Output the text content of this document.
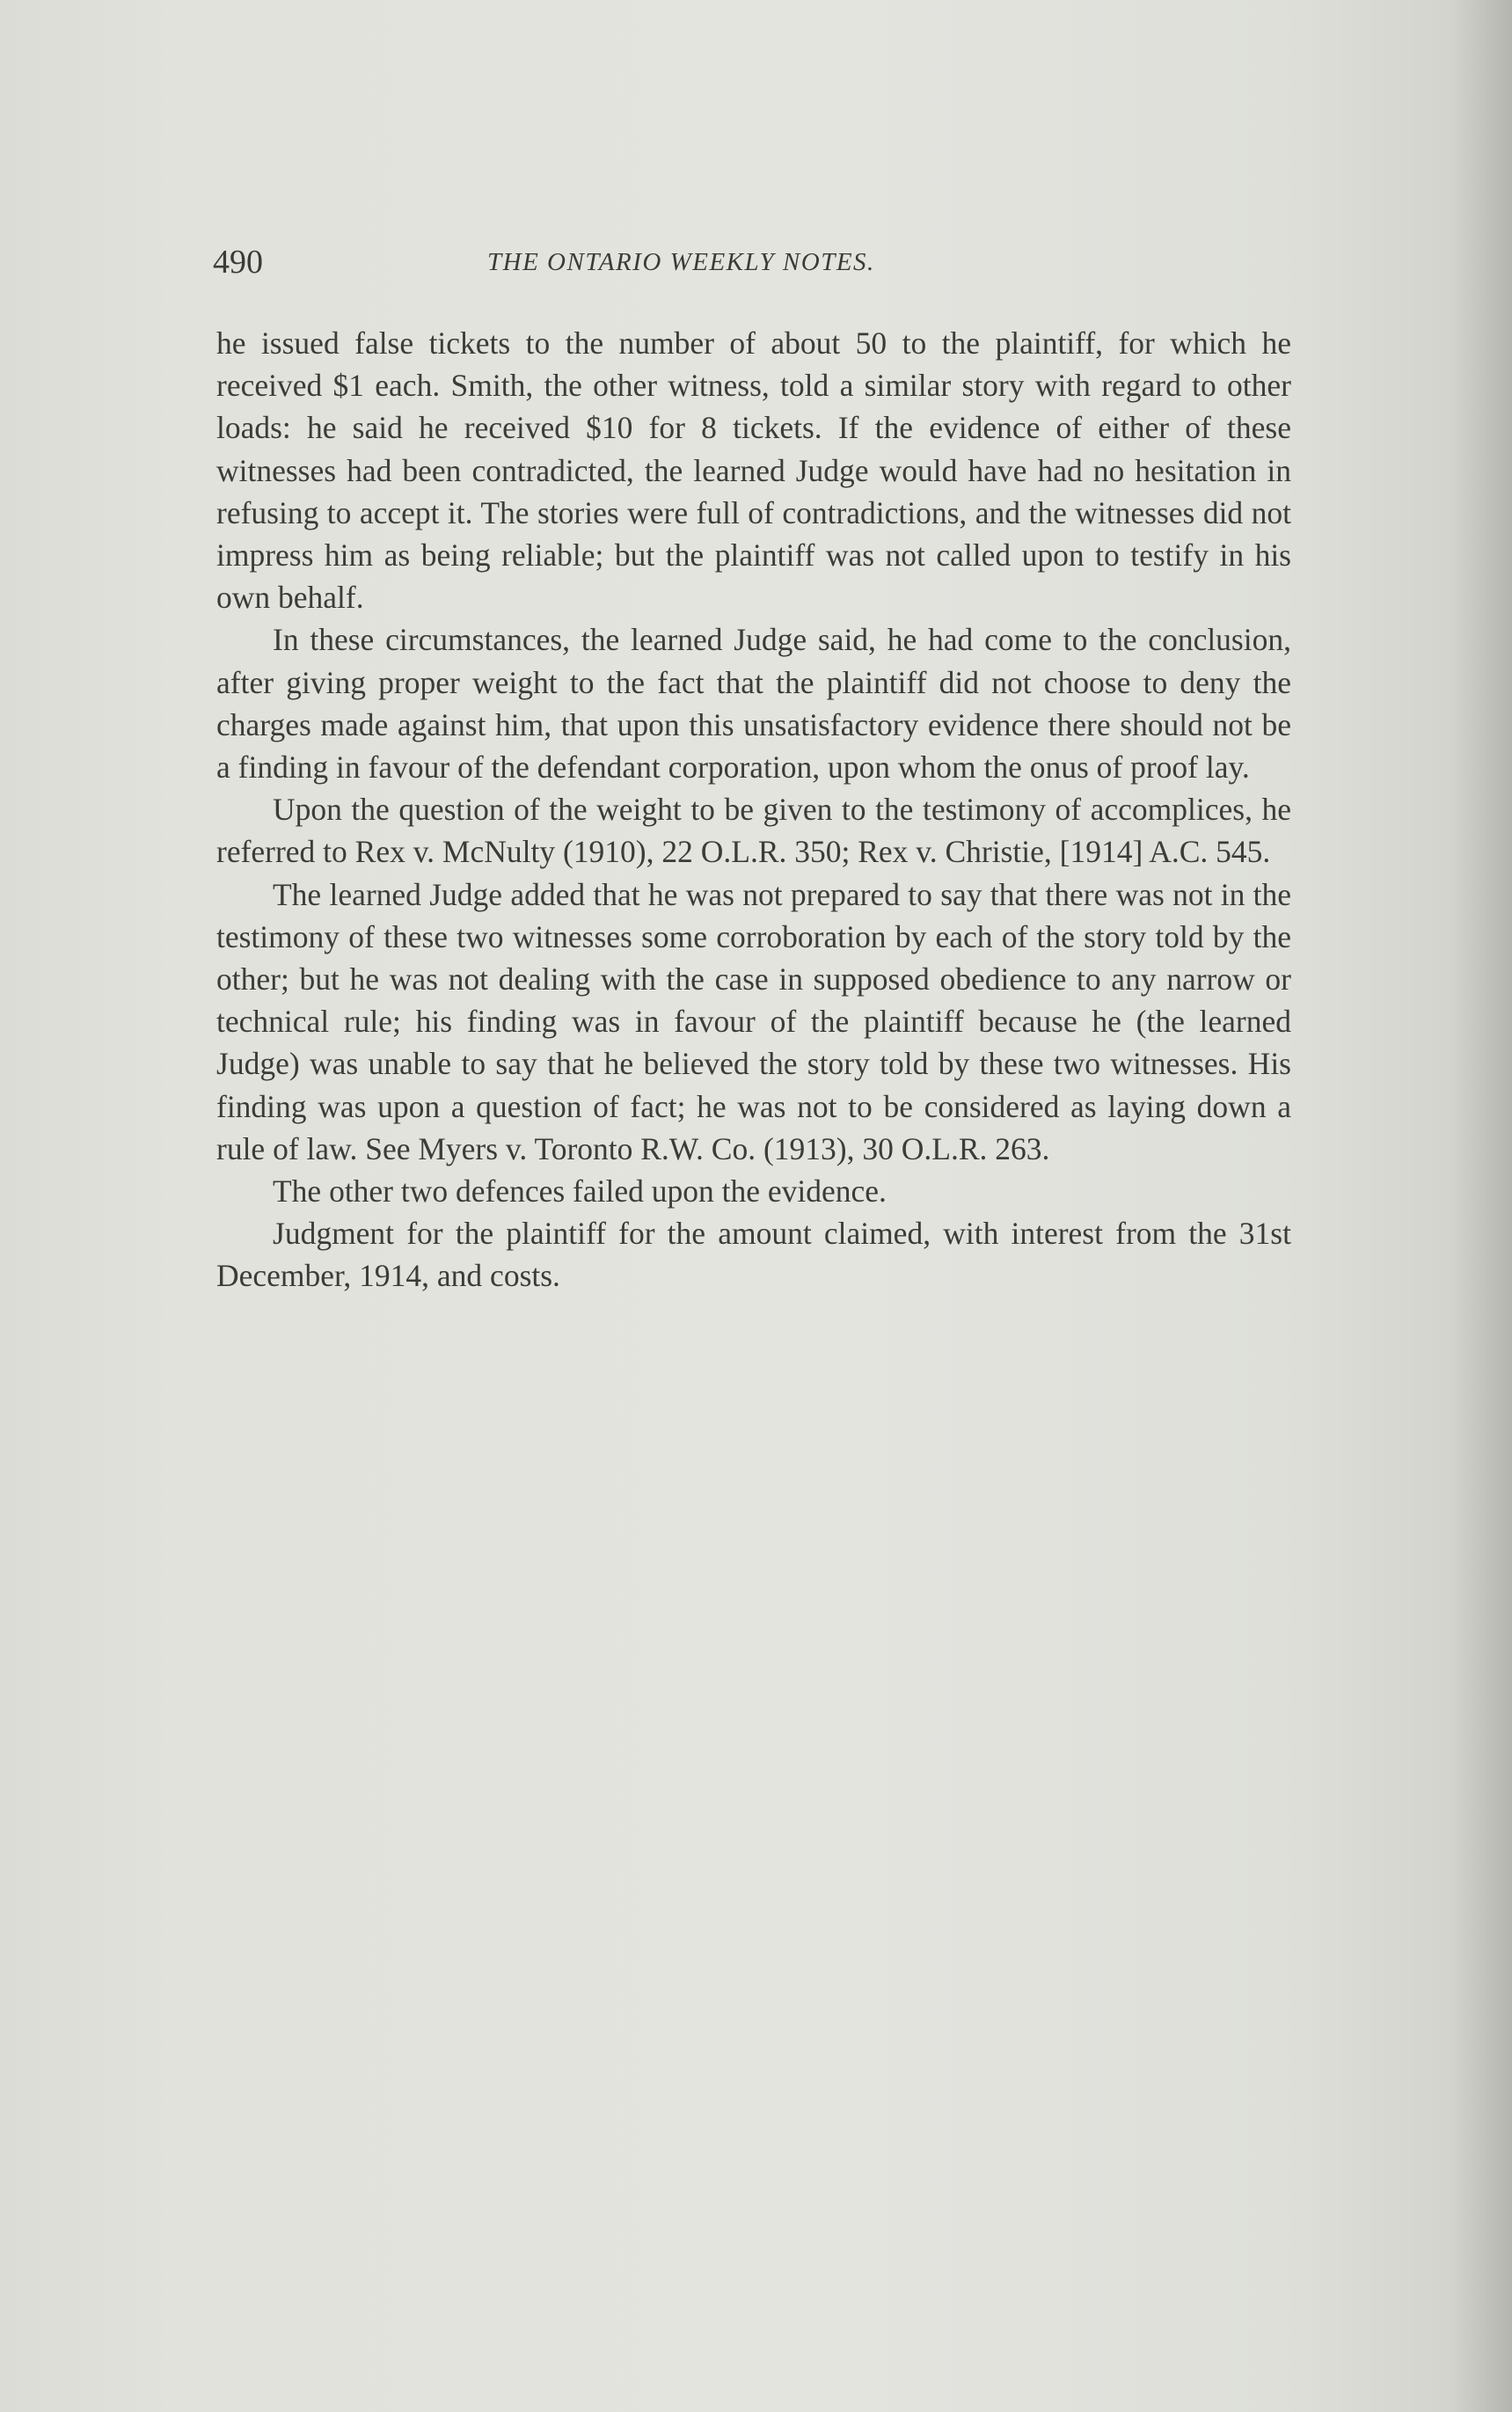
490	THE ONTARIO WEEKLY NOTES.

he issued false tickets to the number of about 50 to the plaintiff, for which he received $1 each. Smith, the other witness, told a similar story with regard to other loads: he said he received $10 for 8 tickets. If the evidence of either of these witnesses had been contradicted, the learned Judge would have had no hesitation in refusing to accept it. The stories were full of contradictions, and the witnesses did not impress him as being reliable; but the plaintiff was not called upon to testify in his own behalf.

In these circumstances, the learned Judge said, he had come to the conclusion, after giving proper weight to the fact that the plaintiff did not choose to deny the charges made against him, that upon this unsatisfactory evidence there should not be a finding in favour of the defendant corporation, upon whom the onus of proof lay.

Upon the question of the weight to be given to the testimony of accomplices, he referred to Rex v. McNulty (1910), 22 O.L.R. 350; Rex v. Christie, [1914] A.C. 545.

The learned Judge added that he was not prepared to say that there was not in the testimony of these two witnesses some corroboration by each of the story told by the other; but he was not dealing with the case in supposed obedience to any narrow or technical rule; his finding was in favour of the plaintiff because he (the learned Judge) was unable to say that he believed the story told by these two witnesses. His finding was upon a question of fact; he was not to be considered as laying down a rule of law. See Myers v. Toronto R.W. Co. (1913), 30 O.L.R. 263.

The other two defences failed upon the evidence.

Judgment for the plaintiff for the amount claimed, with interest from the 31st December, 1914, and costs.
